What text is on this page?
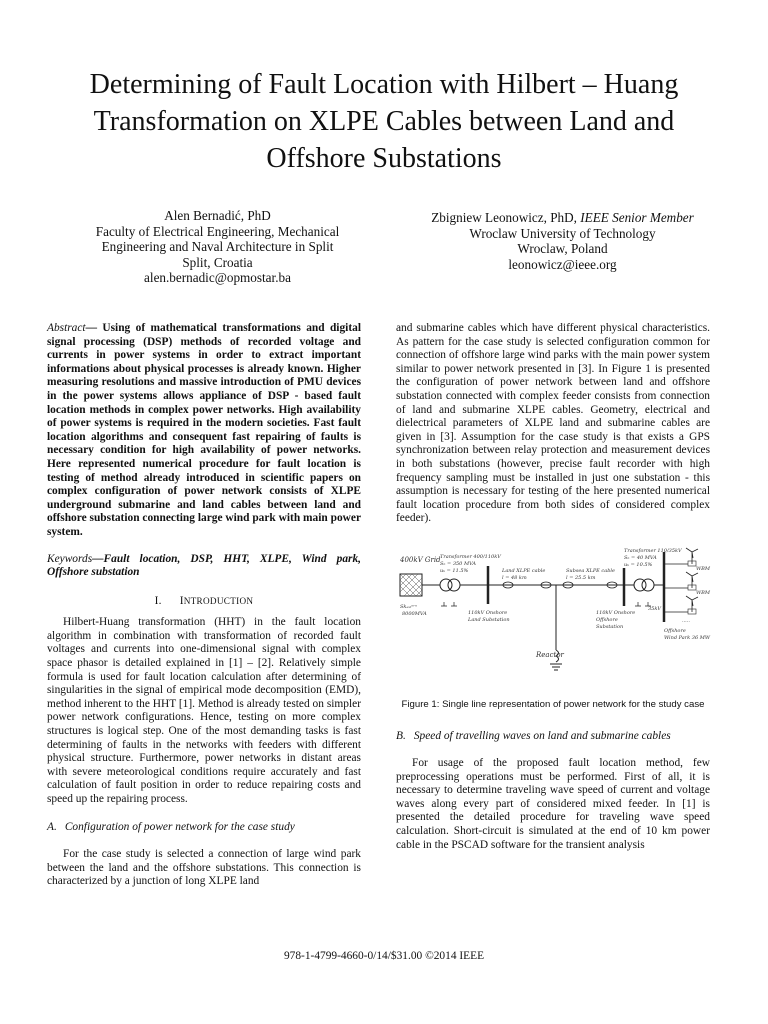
Determining of Fault Location with Hilbert – Huang
Transformation on XLPE Cables between Land and
Offshore Substations
Alen Bernadić, PhD
Faculty of Electrical Engineering, Mechanical
Engineering and Naval Architecture in Split
Split, Croatia
alen.bernadic@opmostar.ba
Zbigniew Leonowicz, PhD, IEEE Senior Member
Wroclaw University of Technology
Wroclaw, Poland
leonowicz@ieee.org

Abstract— Using of mathematical transformations and digital signal processing (DSP) methods of recorded voltage and currents in power systems in order to extract important informations about physical processes is already known. Higher measuring resolutions and massive introduction of PMU devices in the power systems allows appliance of DSP - based fault location methods in complex power networks. High availability of power systems is required in the modern societies. Fast fault location algorithms and consequent fast repairing of faults is necessary condition for high availability of power networks. Here represented numerical procedure for fault location is testing of method already introduced in scientific papers on complex configuration of power network consists of XLPE underground submarine and land cables between land and offshore substation connecting large wind park with main power system.

Keywords—Fault location, DSP, HHT, XLPE, Wind park, Offshore substation

I. INTRODUCTION

Hilbert-Huang transformation (HHT) in the fault location algorithm in combination with transformation of recorded fault voltages and currents into one-dimensional signal with complex space phasor is detailed explained in [1] – [2]. Relatively simple formula is used for fault location calculation after determining of singularities in the signal of empirical mode decomposition (EMD), method inherent to the HHT [1]. Method is already tested on simpler power network configurations. Hence, testing on more complex structures is logical step. One of the most demanding tasks is fast determining of faults in the networks with feeders with different physical structure. Furthermore, power networks in distant areas with severe meteorological conditions require accurately and fast calculation of fault position in order to reduce repairing costs and speed up the repairing process.

A. Configuration of power network for the case study

For the case study is selected a connection of large wind park between the land and the offshore substations. This connection is characterized by a junction of long XLPE land

and submarine cables which have different physical characteristics. As pattern for the case study is selected configuration common for connection of offshore large wind parks with the main power system similar to power network presented in [3]. In Figure 1 is presented the configuration of power network between land and offshore substation connected with complex feeder consists from connection of land and submarine XLPE cables. Geometry, electrical and dielectrical parameters of XLPE land and submarine cables are given in [3]. Assumption for the case study is that exists a GPS synchronization between relay protection and measurement devices in both substations (however, precise fault recorder with high frequency sampling must be installed in just one substation - this assumption is necessary for testing of the here presented numerical fault location procedure from both sides of considered complex feeder).

400kV Grid Transformer 400/110kV
Sₙ = 350 MVA
uₖ = 11.5%
Skₑₓₜᵉʳⁿ
8000MVA	110kV Onshore
Land Substation
Land XLPE cable
l = 48 km
Subsea XLPE cable
l = 25.5 km
110kV Onshore
Offshore
Substation
Transformer 110/35kV
Sₙ = 40 MVA
uₖ = 10.5%
35kV
Offshore
Wind Park 36 MW
Reactor
.....
WBM
WBM

Figure 1: Single line representation of power network for the study case

B. Speed of travelling waves on land and submarine cables

For usage of the proposed fault location method, few preprocessing operations must be performed. First of all, it is necessary to determine traveling wave speed of current and voltage waves along every part of considered mixed feeder. In [1] is presented the detailed procedure for traveling wave speed calculation. Short-circuit is simulated at the end of 10 km power cable in the PSCAD software for the transient analysis

978-1-4799-4660-0/14/$31.00 ©2014 IEEE
